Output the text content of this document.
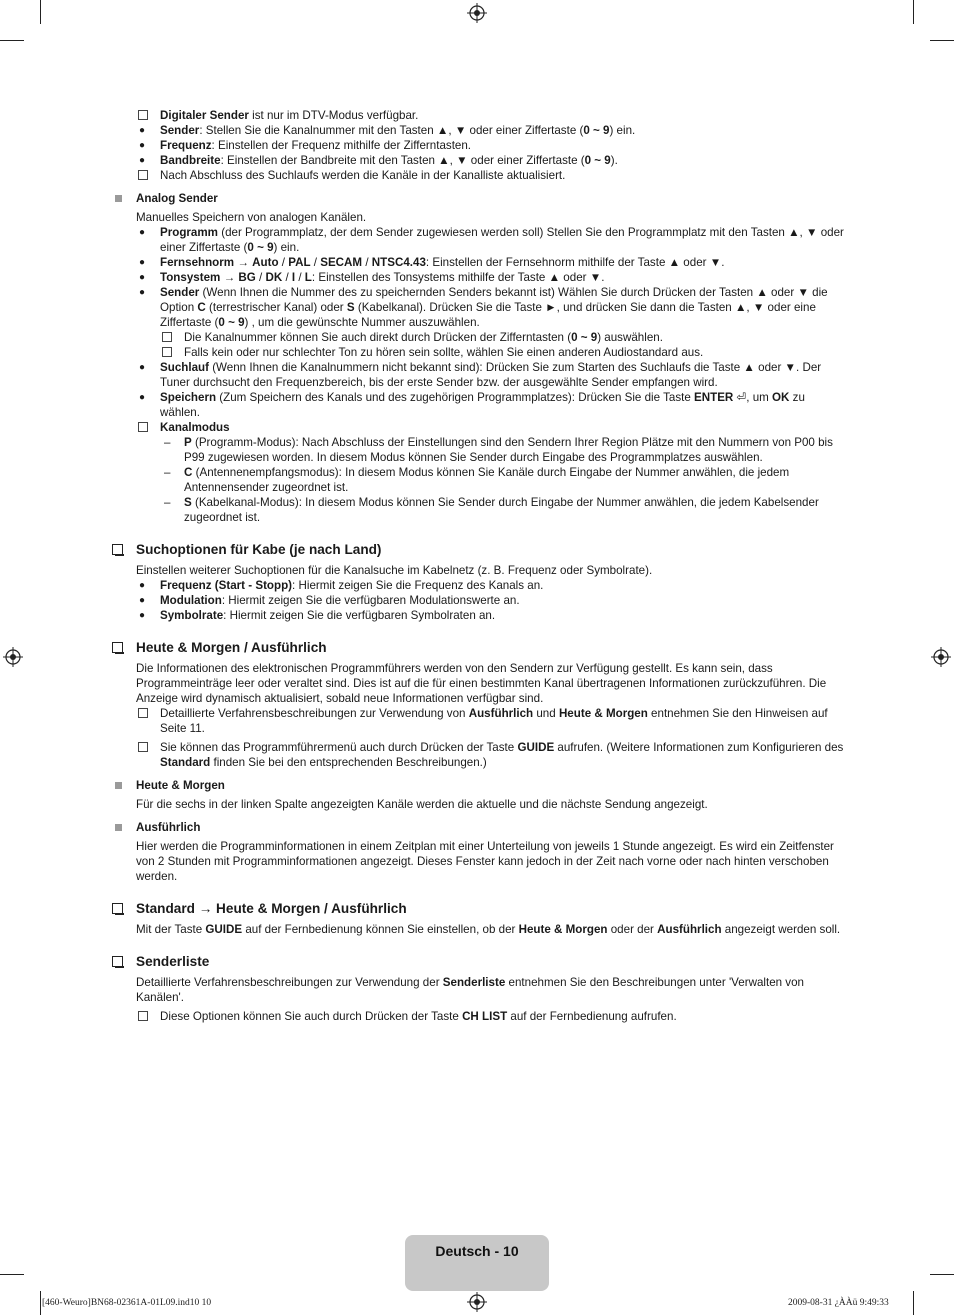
Digitaler Sender ist nur im DTV-Modus verfügbar.
●	Sender: Stellen Sie die Kanalnummer mit den Tasten ▲, ▼ oder einer Ziffertaste (0 ~ 9) ein.
●	Frequenz: Einstellen der Frequenz mithilfe der Zifferntasten.
●	Bandbreite: Einstellen der Bandbreite mit den Tasten ▲, ▼ oder einer Ziffertaste (0 ~ 9).
Nach Abschluss des Suchlaufs werden die Kanäle in der Kanalliste aktualisiert.
Analog Sender
Manuelles Speichern von analogen Kanälen.
●	Programm (der Programmplatz, der dem Sender zugewiesen werden soll) Stellen Sie den Programmplatz mit den Tasten ▲, ▼ oder einer Ziffertaste (0 ~ 9) ein.
●	Fernsehnorm → Auto / PAL / SECAM / NTSC4.43: Einstellen der Fernsehnorm mithilfe der Taste ▲ oder ▼.
●	Tonsystem → BG / DK / I / L: Einstellen des Tonsystems mithilfe der Taste ▲ oder ▼.
●	Sender (Wenn Ihnen die Nummer des zu speichernden Senders bekannt ist) Wählen Sie durch Drücken der Tasten ▲ oder ▼ die Option C (terrestrischer Kanal) oder S (Kabelkanal). Drücken Sie die Taste ►, und drücken Sie dann die Tasten ▲, ▼ oder eine Ziffertaste (0 ~ 9) , um die gewünschte Nummer auszuwählen.
Die Kanalnummer können Sie auch direkt durch Drücken der Zifferntasten (0 ~ 9) auswählen.
Falls kein oder nur schlechter Ton zu hören sein sollte, wählen Sie einen anderen Audiostandard aus.
●	Suchlauf (Wenn Ihnen die Kanalnummern nicht bekannt sind): Drücken Sie zum Starten des Suchlaufs die Taste ▲ oder ▼. Der Tuner durchsucht den Frequenzbereich, bis der erste Sender bzw. der ausgewählte Sender empfangen wird.
●	Speichern (Zum Speichern des Kanals und des zugehörigen Programmplatzes): Drücken Sie die Taste ENTER ⏎, um OK zu wählen.
Kanalmodus
–	P (Programm-Modus): Nach Abschluss der Einstellungen sind den Sendern Ihrer Region Plätze mit den Nummern von P00 bis P99 zugewiesen worden. In diesem Modus können Sie Sender durch Eingabe des Programmplatzes auswählen.
–	C (Antennenempfangsmodus): In diesem Modus können Sie Kanäle durch Eingabe der Nummer anwählen, die jedem Antennensender zugeordnet ist.
–	S (Kabelkanal-Modus): In diesem Modus können Sie Sender durch Eingabe der Nummer anwählen, die jedem Kabelsender zugeordnet ist.
Suchoptionen für Kabe (je nach Land)
Einstellen weiterer Suchoptionen für die Kanalsuche im Kabelnetz (z. B. Frequenz oder Symbolrate).
●	Frequenz (Start - Stopp): Hiermit zeigen Sie die Frequenz des Kanals an.
●	Modulation: Hiermit zeigen Sie die verfügbaren Modulationswerte an.
●	Symbolrate: Hiermit zeigen Sie die verfügbaren Symbolraten an.
Heute & Morgen / Ausführlich
Die Informationen des elektronischen Programmführers werden von den Sendern zur Verfügung gestellt. Es kann sein, dass Programmeinträge leer oder veraltet sind. Dies ist auf die für einen bestimmten Kanal übertragenen Informationen zurückzuführen. Die Anzeige wird dynamisch aktualisiert, sobald neue Informationen verfügbar sind.
Detaillierte Verfahrensbeschreibungen zur Verwendung von Ausführlich und Heute & Morgen entnehmen Sie den Hinweisen auf Seite 11.
Sie können das Programmführermenü auch durch Drücken der Taste GUIDE aufrufen. (Weitere Informationen zum Konfigurieren des Standard finden Sie bei den entsprechenden Beschreibungen.)
Heute & Morgen
Für die sechs in der linken Spalte angezeigten Kanäle werden die aktuelle und die nächste Sendung angezeigt.
Ausführlich
Hier werden die Programminformationen in einem Zeitplan mit einer Unterteilung von jeweils 1 Stunde angezeigt. Es wird ein Zeitfenster von 2 Stunden mit Programminformationen angezeigt. Dieses Fenster kann jedoch in der Zeit nach vorne oder nach hinten verschoben werden.
Standard → Heute & Morgen / Ausführlich
Mit der Taste GUIDE auf der Fernbedienung können Sie einstellen, ob der Heute & Morgen oder der Ausführlich angezeigt werden soll.
Senderliste
Detaillierte Verfahrensbeschreibungen zur Verwendung der Senderliste entnehmen Sie den Beschreibungen unter 'Verwalten von Kanälen'.
Diese Optionen können Sie auch durch Drücken der Taste CH LIST auf der Fernbedienung aufrufen.
Deutsch - 10
[460-Weuro]BN68-02361A-01L09.ind10 10	2009-08-31 ¿ÀÀü 9:49:33
